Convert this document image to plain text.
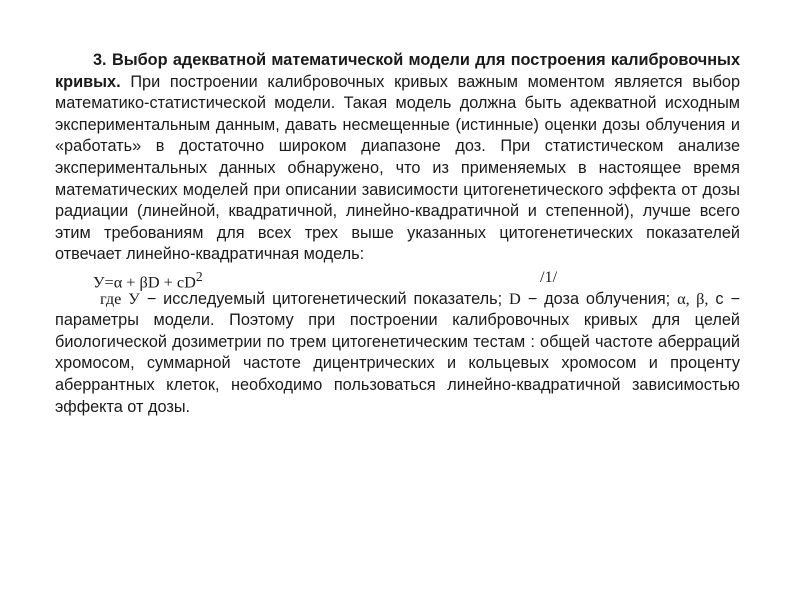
3. Выбор адекватной математической модели для построения калибровочных кривых. При построении калибровочных кривых важным моментом является выбор математико-статистической модели. Такая модель должна быть адекватной исходным экспериментальным данным, давать несмещенные (истинные) оценки дозы облучения и «работать» в достаточно широком диапазоне доз. При статистическом анализе экспериментальных данных обнаружено, что из применяемых в настоящее время математических моделей при описании зависимости цитогенетического эффекта от дозы радиации (линейной, квадратичной, линейно-квадратичной и степенной), лучше всего этим требованиям для всех трех выше указанных цитогенетических показателей отвечает линейно-квадратичная модель:

$У=\alpha + \beta D + cD^2$	/1/

где У − исследуемый цитогенетический показатель; D − доза облучения; α, β, с − параметры модели. Поэтому при построении калибровочных кривых для целей биологической дозиметрии по трем цитогенетическим тестам : общей частоте аберраций хромосом, суммарной частоте дицентрических и кольцевых хромосом и проценту аберрантных клеток, необходимо пользоваться линейно-квадратичной зависимостью эффекта от дозы.
